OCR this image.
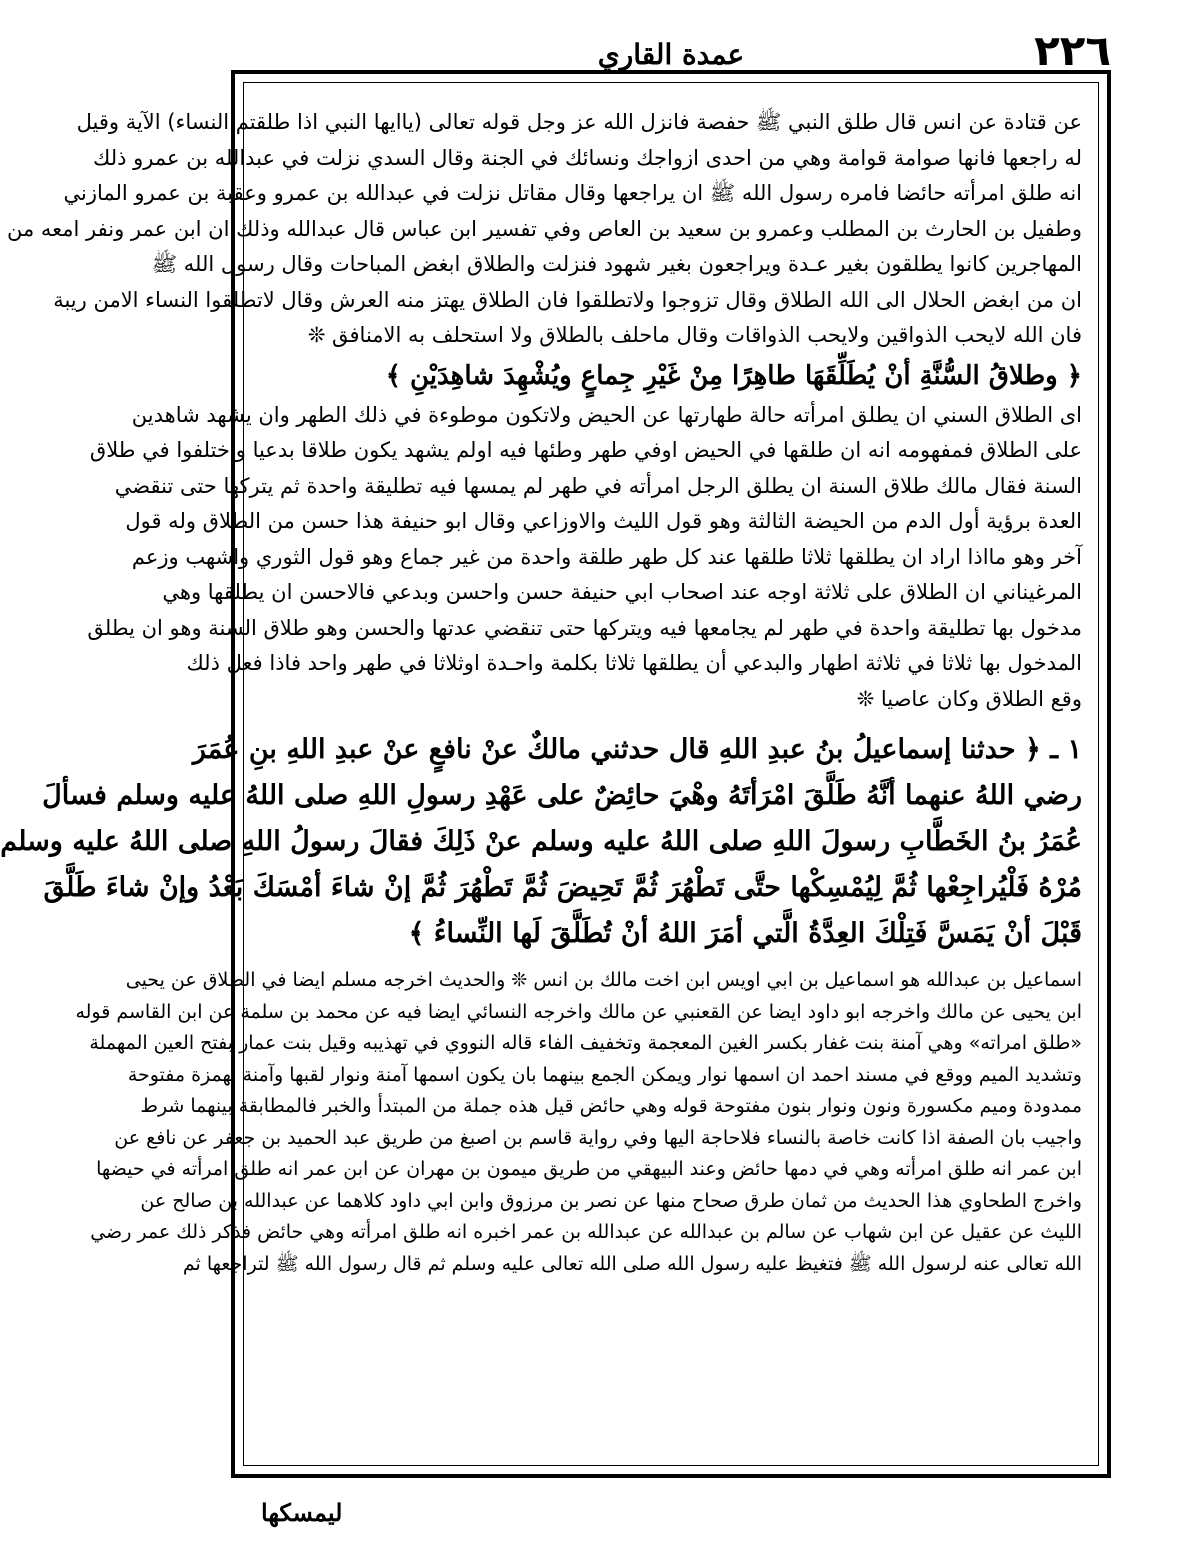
٢٢٦
عمدة القاري
عن قتادة عن انس قال طلق النبي ﷺ حفصة فانزل الله عز وجل قوله تعالى (ياايها النبي اذا طلقتم النساء) الآية وقيل
له راجعها فانها صوامة قوامة وهي من احدى ازواجك ونسائك في الجنة وقال السدي نزلت في عبدالله بن عمرو ذلك
انه طلق امرأته حائضا فامره رسول الله ﷺ ان يراجعها وقال مقاتل نزلت في عبدالله بن عمرو وعقبة بن عمرو المازني
وطفيل بن الحارث بن المطلب وعمرو بن سعيد بن العاص وفي تفسير ابن عباس قال عبدالله وذلك ان ابن عمر ونفر امعه من
المهاجرين كانوا يطلقون بغير عـدة ويراجعون بغير شهود فنزلت والطلاق ابغض المباحات وقال رسول الله ﷺ
ان من ابغض الحلال الى الله الطلاق وقال تزوجوا ولاتطلقوا فان الطلاق يهتز منه العرش وقال لاتطلقوا النساء الامن ريبة
فان الله لايحب الذواقين ولايحب الذواقات وقال ماحلف بالطلاق ولا استحلف به الامنافق ❊
﴿ وطلاقُ السُّنَّةِ أنْ يُطَلِّقَهَا طاهِرًا مِنْ غَيْرِ جِماعٍ ويُشْهِدَ شاهِدَيْنِ ﴾
اى الطلاق السني ان يطلق امرأته حالة طهارتها عن الحيض ولاتكون موطوءة في ذلك الطهر وان يشهد شاهدين
على الطلاق فمفهومه انه ان طلقها في الحيض اوفي طهر وطئها فيه اولم يشهد يكون طلاقا بدعيا واختلفوا في طلاق
السنة فقال مالك طلاق السنة ان يطلق الرجل امرأته في طهر لم يمسها فيه تطليقة واحدة ثم يتركها حتى تنقضي
العدة برؤية أول الدم من الحيضة الثالثة وهو قول الليث والاوزاعي وقال ابو حنيفة هذا حسن من الطلاق وله قول
آخر وهو مااذا اراد ان يطلقها ثلاثا طلقها عند كل طهر طلقة واحدة من غير جماع وهو قول الثوري واشهب وزعم
المرغيناني ان الطلاق على ثلاثة اوجه عند اصحاب ابي حنيفة حسن واحسن وبدعي فالاحسن ان يطلقها وهي
مدخول بها تطليقة واحدة في طهر لم يجامعها فيه ويتركها حتى تنقضي عدتها والحسن وهو طلاق السنة وهو ان يطلق
المدخول بها ثلاثا في ثلاثة اطهار والبدعي أن يطلقها ثلاثا بكلمة واحـدة اوثلاثا في طهر واحد فاذا فعل ذلك
وقع الطلاق وكان عاصيا ❊
١ ـ ﴿ حدثنا إسماعيلُ بنُ عبدِ اللهِ قال حدثني مالكٌ عنْ نافعٍ عنْ عبدِ اللهِ بنِ عُمَرَ
رضي اللهُ عنهما أنَّهُ طَلَّقَ امْرَأتَهُ وهْيَ حائِضٌ على عَهْدِ رسولِ اللهِ صلى اللهُ عليه وسلم فسألَ
عُمَرُ بنُ الخَطَّابِ رسولَ اللهِ صلى اللهُ عليه وسلم عنْ ذَلِكَ فقالَ رسولُ اللهِ صلى اللهُ عليه وسلم
مُرْهُ فَلْيُراجِعْها ثُمَّ لِيُمْسِكْها حتَّى تَطْهُرَ ثُمَّ تَحِيضَ ثُمَّ تَطْهُرَ ثُمَّ إنْ شاءَ أمْسَكَ بَعْدُ وإنْ شاءَ طَلَّقَ
قَبْلَ أنْ يَمَسَّ فَتِلْكَ العِدَّةُ الَّتي أمَرَ اللهُ أنْ تُطَلَّقَ لَها النِّساءُ ﴾
اسماعيل بن عبدالله هو اسماعيل بن ابي اويس ابن اخت مالك بن انس ❊ والحديث اخرجه مسلم ايضا في الطلاق عن يحيى
ابن يحيى عن مالك واخرجه ابو داود ايضا عن القعنبي عن مالك واخرجه النسائي ايضا فيه عن محمد بن سلمة عن ابن القاسم قوله
«طلق امراته» وهي آمنة بنت غفار بكسر الغين المعجمة وتخفيف الفاء قاله النووي في تهذيبه وقيل بنت عمار بفتح العين المهملة
وتشديد الميم ووقع في مسند احمد ان اسمها نوار ويمكن الجمع بينهما بان يكون اسمها آمنة ونوار لقبها وآمنة بهمزة مفتوحة
ممدودة وميم مكسورة ونون ونوار بنون مفتوحة قوله وهي حائض قيل هذه جملة من المبتدأ والخبر فالمطابقة بينهما شرط
واجيب بان الصفة اذا كانت خاصة بالنساء فلاحاجة اليها وفي رواية قاسم بن اصبغ من طريق عبد الحميد بن جعفر عن نافع عن
ابن عمر انه طلق امرأته وهي في دمها حائض وعند البيهقي من طريق ميمون بن مهران عن ابن عمر انه طلق امرأته في حيضها
واخرج الطحاوي هذا الحديث من ثمان طرق صحاح منها عن نصر بن مرزوق وابن ابي داود كلاهما عن عبدالله بن صالح عن
الليث عن عقيل عن ابن شهاب عن سالم بن عبدالله عن عبدالله بن عمر اخبره انه طلق امرأته وهي حائض فذكر ذلك عمر رضي
الله تعالى عنه لرسول الله ﷺ فتغيظ عليه رسول الله صلى الله تعالى عليه وسلم ثم قال رسول الله ﷺ لتراجعها ثم
ليمسكها
